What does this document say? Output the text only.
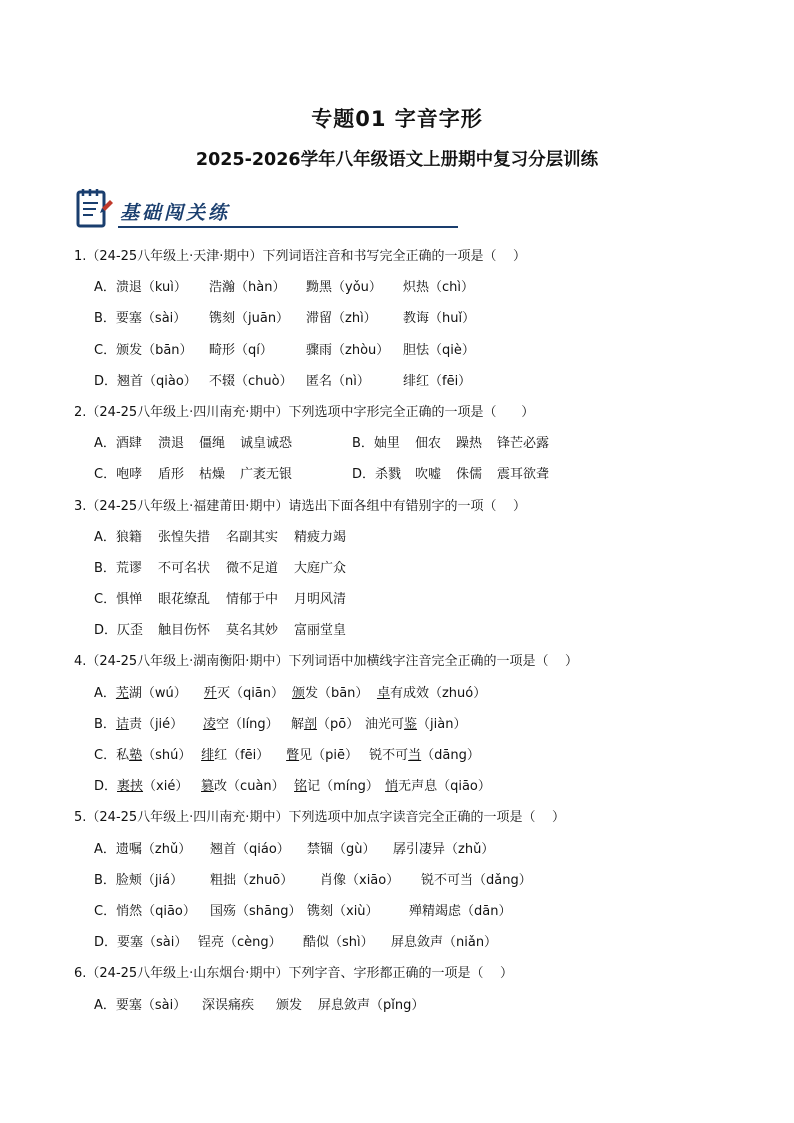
专题01 字音字形
2025-2026学年八年级语文上册期中复习分层训练
基础闯关练
1.（24-25八年级上·天津·期中）下列词语注音和书写完全正确的一项是（    ）
A．溃退（kuì） 浩瀚（hàn） 黝黑（yǒu） 炽热（chì）
B．要塞（sài） 镌刻（juān） 滞留（zhì） 教诲（huǐ）
C．颁发（bān） 畸形（qí）	骤雨（zhòu） 胆怯（qiè）
D．翘首（qiào） 不辍（chuò） 匿名（nì）	绯红（fēi）
2.（24-25八年级上·四川南充·期中）下列选项中字形完全正确的一项是（      ）
A．酒肆 溃退 僵绳 诚皇诚恐	B．妯里 佃农 躁热 锋芒必露
C．咆哮 盾形 枯燥 广袤无银	D．杀戮 吹嘘 侏儒 震耳欲聋
3.（24-25八年级上·福建莆田·期中）请选出下面各组中有错别字的一项（    ）
A．狼籍 张惶失措 名副其实 精疲力竭
B．荒谬 不可名状 微不足道 大庭广众
C．惧惮 眼花缭乱 情郁于中 月明风清
D．仄歪 触目伤怀 莫名其妙 富丽堂皇
4.（24-25八年级上·湖南衡阳·期中）下列词语中加横线字注音完全正确的一项是（    ）
A．芜湖（wú） 歼灭（qiān） 颁发（bān） 卓有成效（zhuó）
B．诘责（jié） 凌空（líng） 解剖（pō） 油光可鉴（jiàn）
C．私塾（shú） 绯红（fēi） 瞥见（piē） 锐不可当（dāng）
D．裹挟（xié） 篡改（cuàn） 铭记（míng） 悄无声息（qiāo）
5.（24-25八年级上·四川南充·期中）下列选项中加点字读音完全正确的一项是（    ）
A．遗嘱（zhǔ） 翘首（qiáo） 禁锢（gù） 孱引凄异（zhǔ）
B．脸颊（jiá） 粗拙（zhuō） 肖像（xiāo） 锐不可当（dǎng）
C．悄然（qiāo） 国殇（shāng） 镌刻（xiù） 殚精竭虑（dān）
D．要塞（sài） 锃亮（cèng） 酷似（shì） 屏息敛声（niǎn）
6.（24-25八年级上·山东烟台·期中）下列字音、字形都正确的一项是（    ）
A．要塞（sài） 深误痛疾 颁发 屏息敛声（pǐng）
